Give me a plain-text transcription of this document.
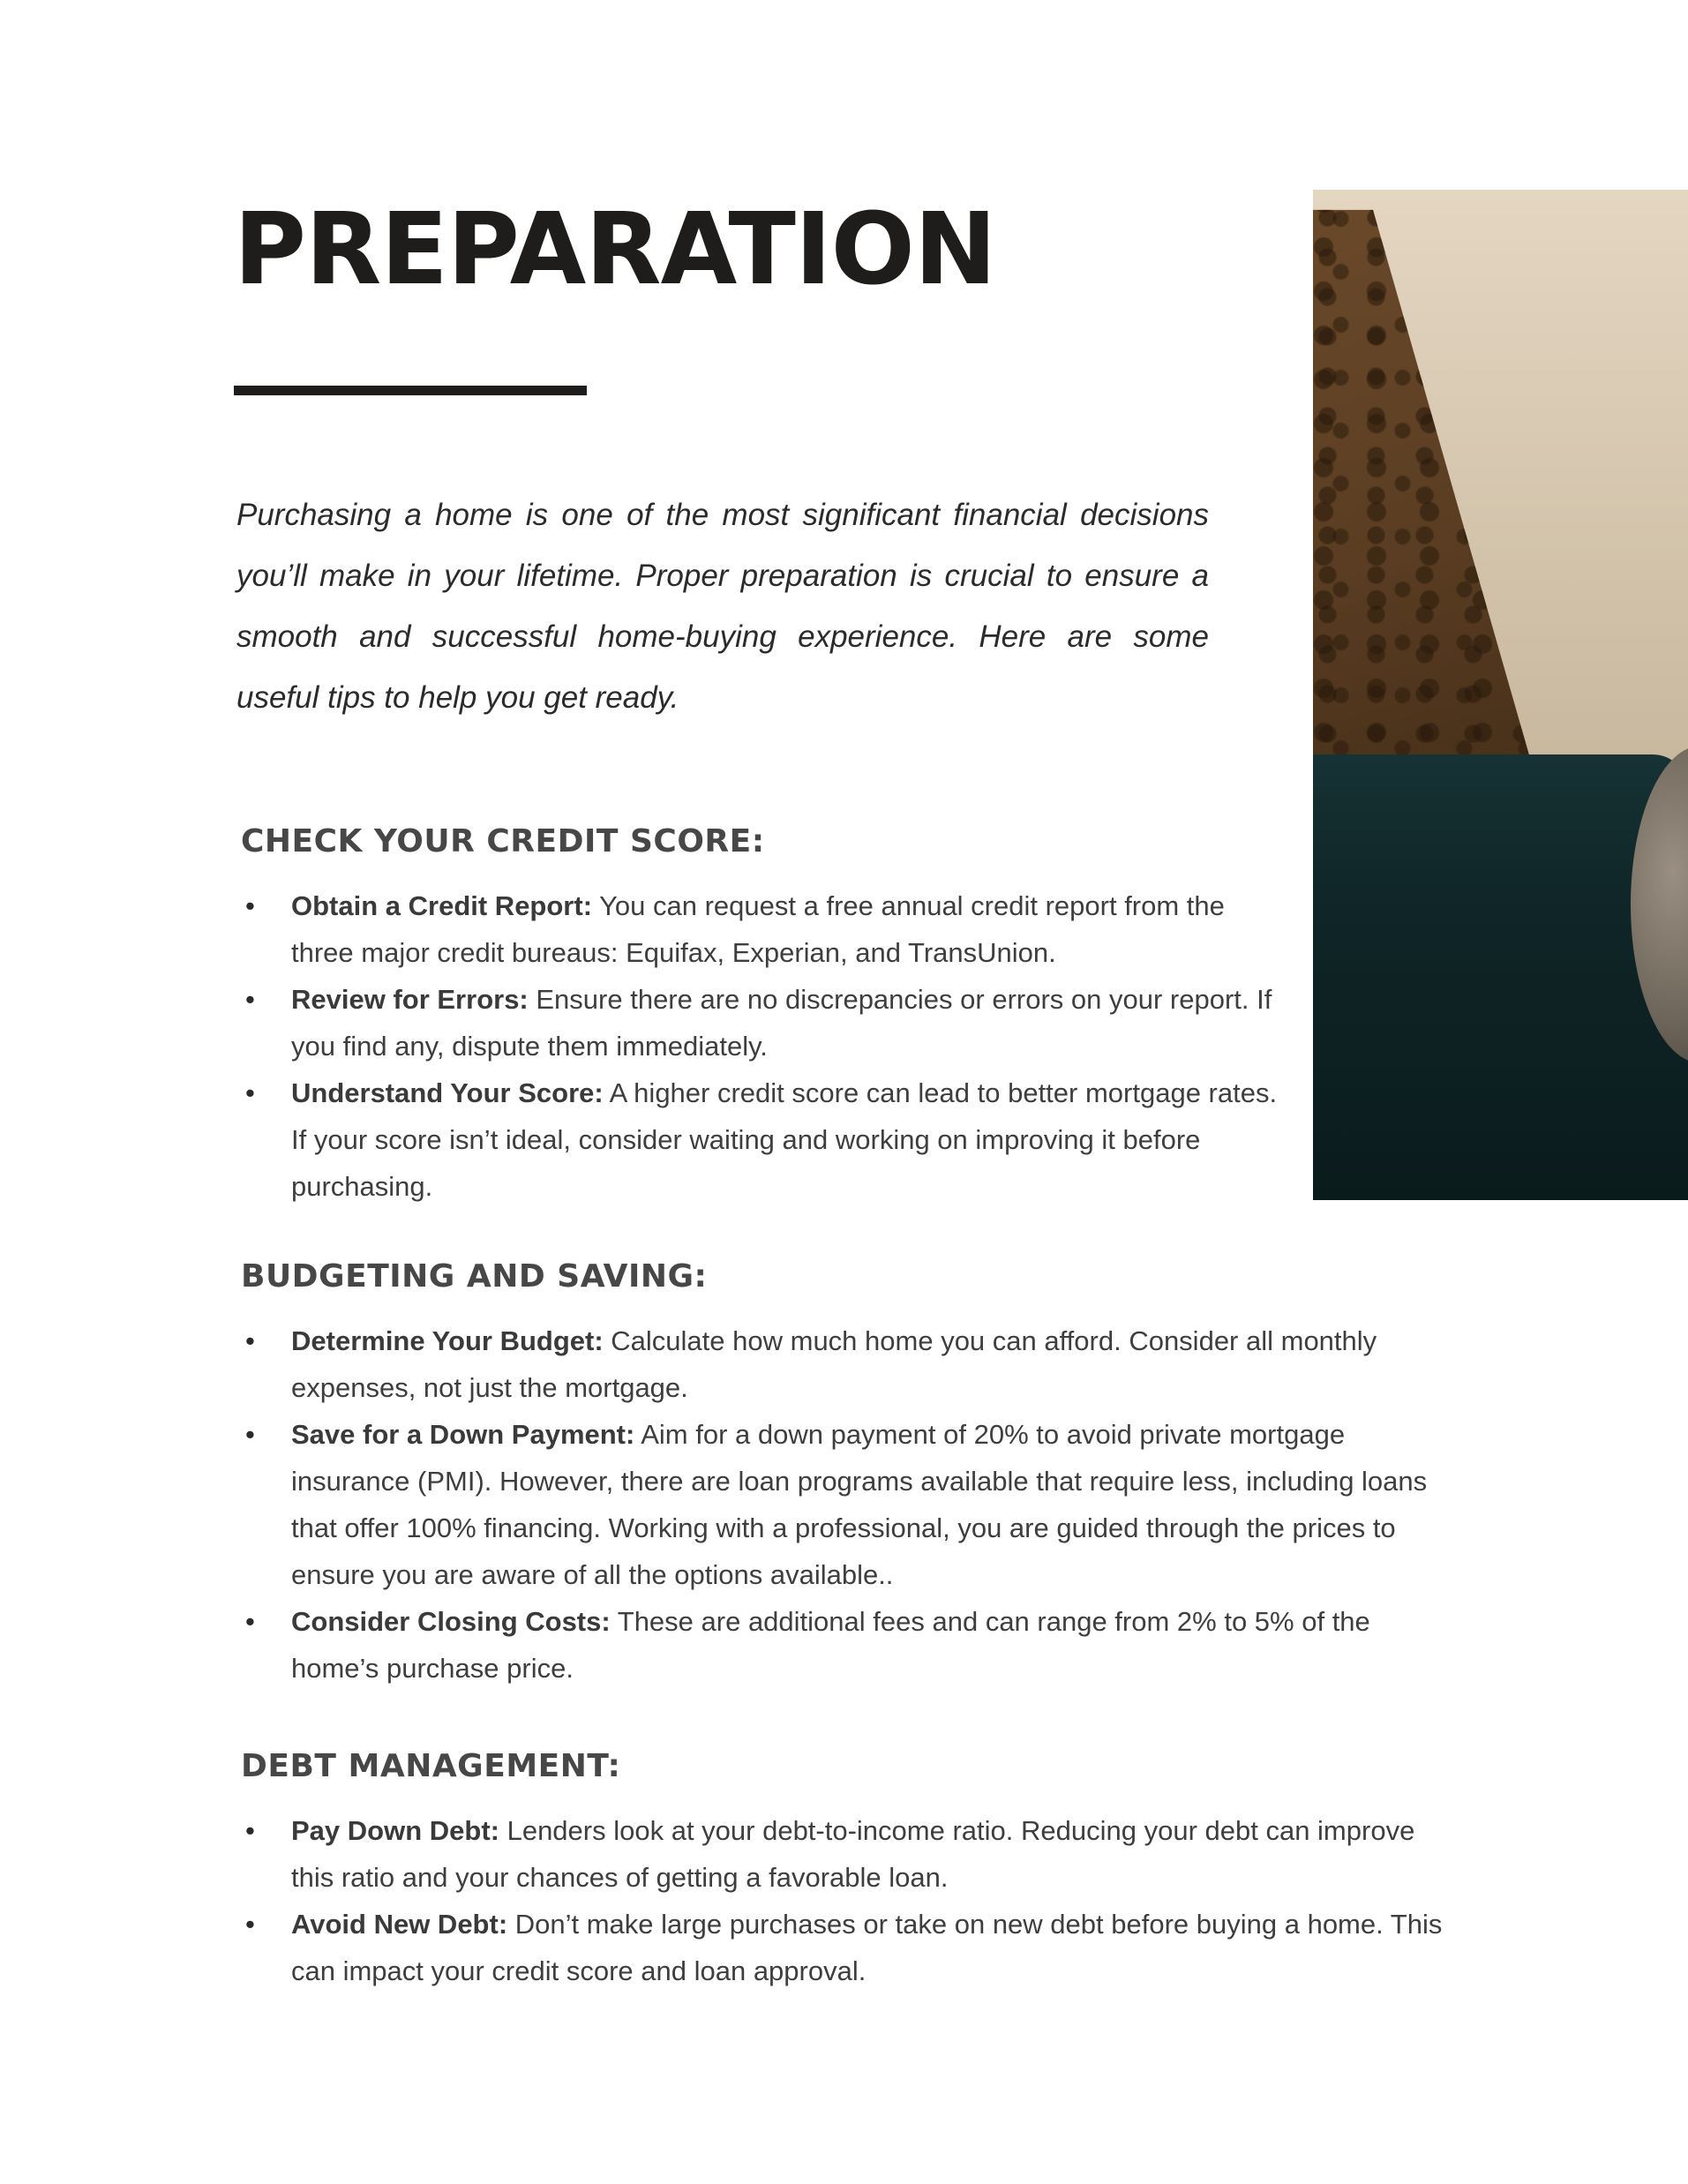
PREPARATION

Purchasing a home is one of the most significant financial decisions you’ll make in your lifetime. Proper preparation is crucial to ensure a smooth and successful home-buying experience. Here are some useful tips to help you get ready.

CHECK YOUR CREDIT SCORE:
•	Obtain a Credit Report: You can request a free annual credit report from the three major credit bureaus: Equifax, Experian, and TransUnion.
•	Review for Errors: Ensure there are no discrepancies or errors on your report. If you find any, dispute them immediately.
•	Understand Your Score: A higher credit score can lead to better mortgage rates. If your score isn’t ideal, consider waiting and working on improving it before purchasing.
BUDGETING AND SAVING:
•	Determine Your Budget: Calculate how much home you can afford. Consider all monthly expenses, not just the mortgage.
•	Save for a Down Payment: Aim for a down payment of 20% to avoid private mortgage insurance (PMI). However, there are loan programs available that require less, including loans that offer 100% financing. Working with a professional, you are guided through the prices to ensure you are aware of all the options available..
•	Consider Closing Costs: These are additional fees and can range from 2% to 5% of the home’s purchase price.
DEBT MANAGEMENT:
•	Pay Down Debt: Lenders look at your debt-to-income ratio. Reducing your debt can improve this ratio and your chances of getting a favorable loan.
•	Avoid New Debt: Don’t make large purchases or take on new debt before buying a home. This can impact your credit score and loan approval.
